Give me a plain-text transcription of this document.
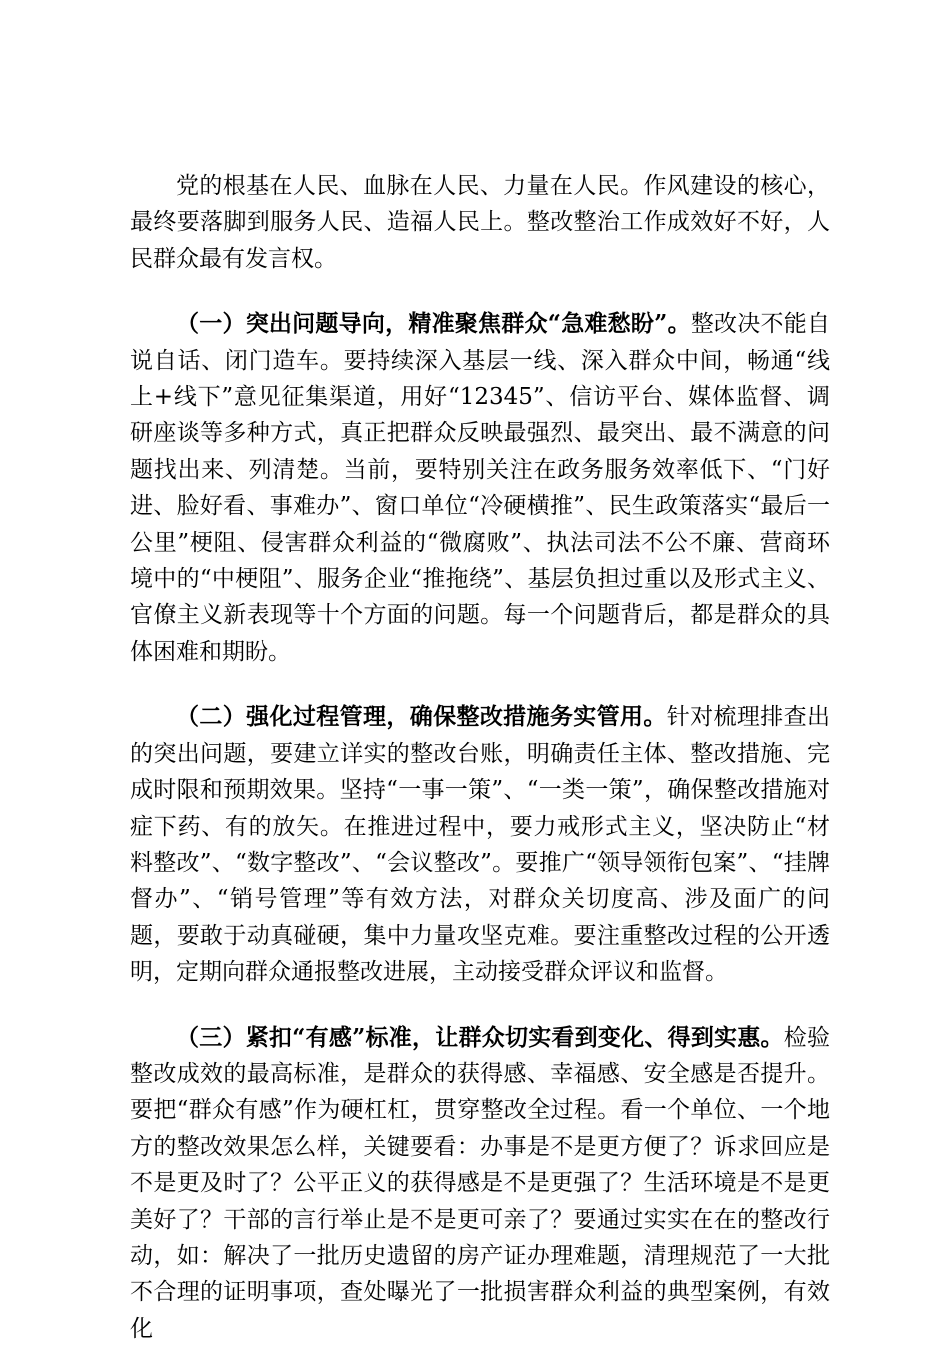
党的根基在人民、血脉在人民、力量在人民。作风建设的核心，最终要落脚到服务人民、造福人民上。整改整治工作成效好不好，人民群众最有发言权。

（一）突出问题导向，精准聚焦群众“急难愁盼”。整改决不能自说自话、闭门造车。要持续深入基层一线、深入群众中间，畅通“线上+线下”意见征集渠道，用好“12345”、信访平台、媒体监督、调研座谈等多种方式，真正把群众反映最强烈、最突出、最不满意的问题找出来、列清楚。当前，要特别关注在政务服务效率低下、“门好进、脸好看、事难办”、窗口单位“冷硬横推”、民生政策落实“最后一公里”梗阻、侵害群众利益的“微腐败”、执法司法不公不廉、营商环境中的“中梗阻”、服务企业“推拖绕”、基层负担过重以及形式主义、官僚主义新表现等十个方面的问题。每一个问题背后，都是群众的具体困难和期盼。

（二）强化过程管理，确保整改措施务实管用。针对梳理排查出的突出问题，要建立详实的整改台账，明确责任主体、整改措施、完成时限和预期效果。坚持“一事一策”、“一类一策”，确保整改措施对症下药、有的放矢。在推进过程中，要力戒形式主义，坚决防止“材料整改”、“数字整改”、“会议整改”。要推广“领导领衔包案”、“挂牌督办”、“销号管理”等有效方法，对群众关切度高、涉及面广的问题，要敢于动真碰硬，集中力量攻坚克难。要注重整改过程的公开透明，定期向群众通报整改进展，主动接受群众评议和监督。

（三）紧扣“有感”标准，让群众切实看到变化、得到实惠。检验整改成效的最高标准，是群众的获得感、幸福感、安全感是否提升。要把“群众有感”作为硬杠杠，贯穿整改全过程。看一个单位、一个地方的整改效果怎么样，关键要看：办事是不是更方便了？诉求回应是不是更及时了？公平正义的获得感是不是更强了？生活环境是不是更美好了？干部的言行举止是不是更可亲了？要通过实实在在的整改行动，如：解决了一批历史遗留的房产证办理难题，清理规范了一大批不合理的证明事项，查处曝光了一批损害群众利益的典型案例，有效化
